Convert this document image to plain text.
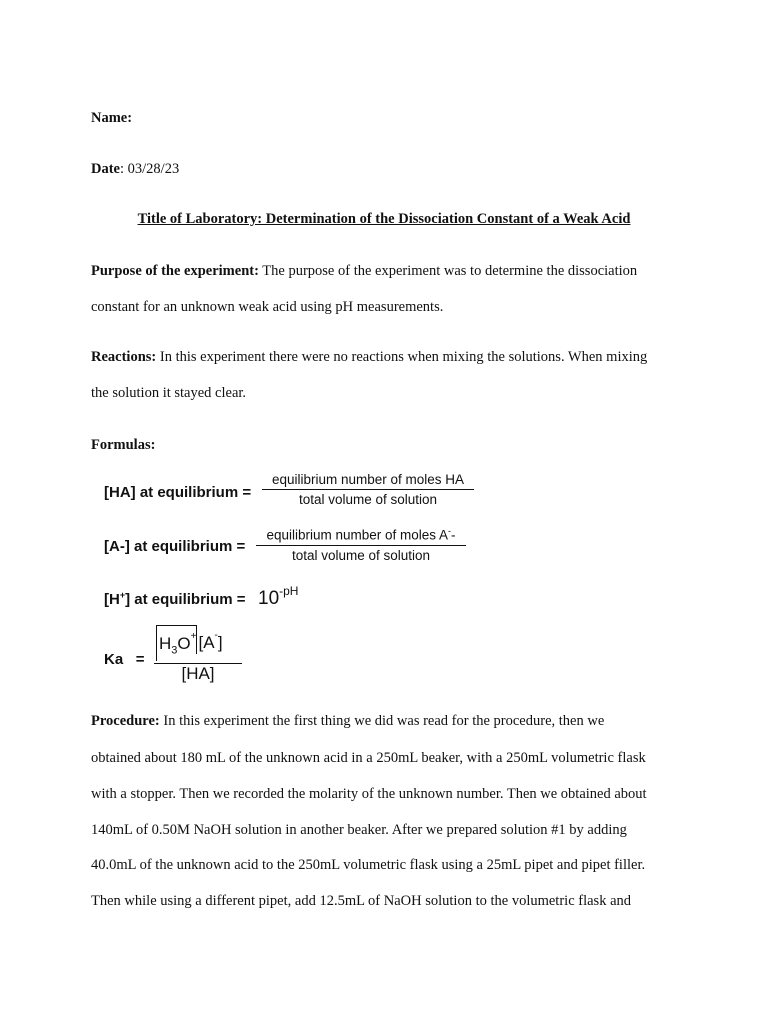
Name:
Date: 03/28/23
Title of Laboratory: Determination of the Dissociation Constant of a Weak Acid
Purpose of the experiment: The purpose of the experiment was to determine the dissociation
constant for an unknown weak acid using pH measurements.
Reactions: In this experiment there were no reactions when mixing the solutions. When mixing
the solution it stayed clear.
Formulas:
[HA] at equilibrium =
equilibrium number of moles HA
total volume of solution
[A-] at equilibrium =
equilibrium number of moles A--
total volume of solution
[H+] at equilibrium = $10^{-pH}$
$Ka = \frac{H_3O^+ [A^-]}{[HA]}$
Procedure: In this experiment the first thing we did was read for the procedure, then we
obtained about 180 mL of the unknown acid in a 250mL beaker, with a 250mL volumetric flask
with a stopper. Then we recorded the molarity of the unknown number. Then we obtained about
140mL of 0.50M NaOH solution in another beaker. After we prepared solution #1 by adding
40.0mL of the unknown acid to the 250mL volumetric flask using a 25mL pipet and pipet filler.
Then while using a different pipet, add 12.5mL of NaOH solution to the volumetric flask and
